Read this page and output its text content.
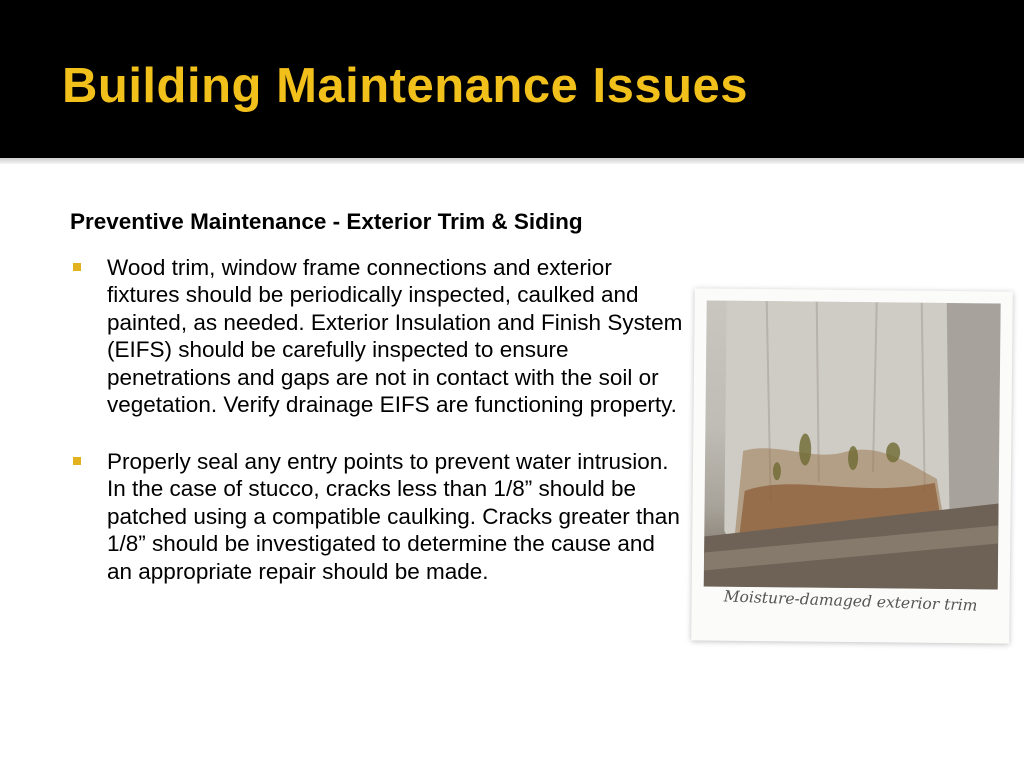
Building Maintenance Issues

Preventive Maintenance - Exterior Trim & Siding

Wood trim, window frame connections and exterior fixtures should be periodically inspected, caulked and painted, as needed. Exterior Insulation and Finish System (EIFS) should be carefully inspected to ensure penetrations and gaps are not in contact with the soil or vegetation. Verify drainage EIFS are functioning property.
Properly seal any entry points to prevent water intrusion. In the case of stucco, cracks less than 1/8” should be patched using a compatible caulking. Cracks greater than 1/8” should be investigated to determine the cause and an appropriate repair should be made.
Moisture-damaged exterior trim
